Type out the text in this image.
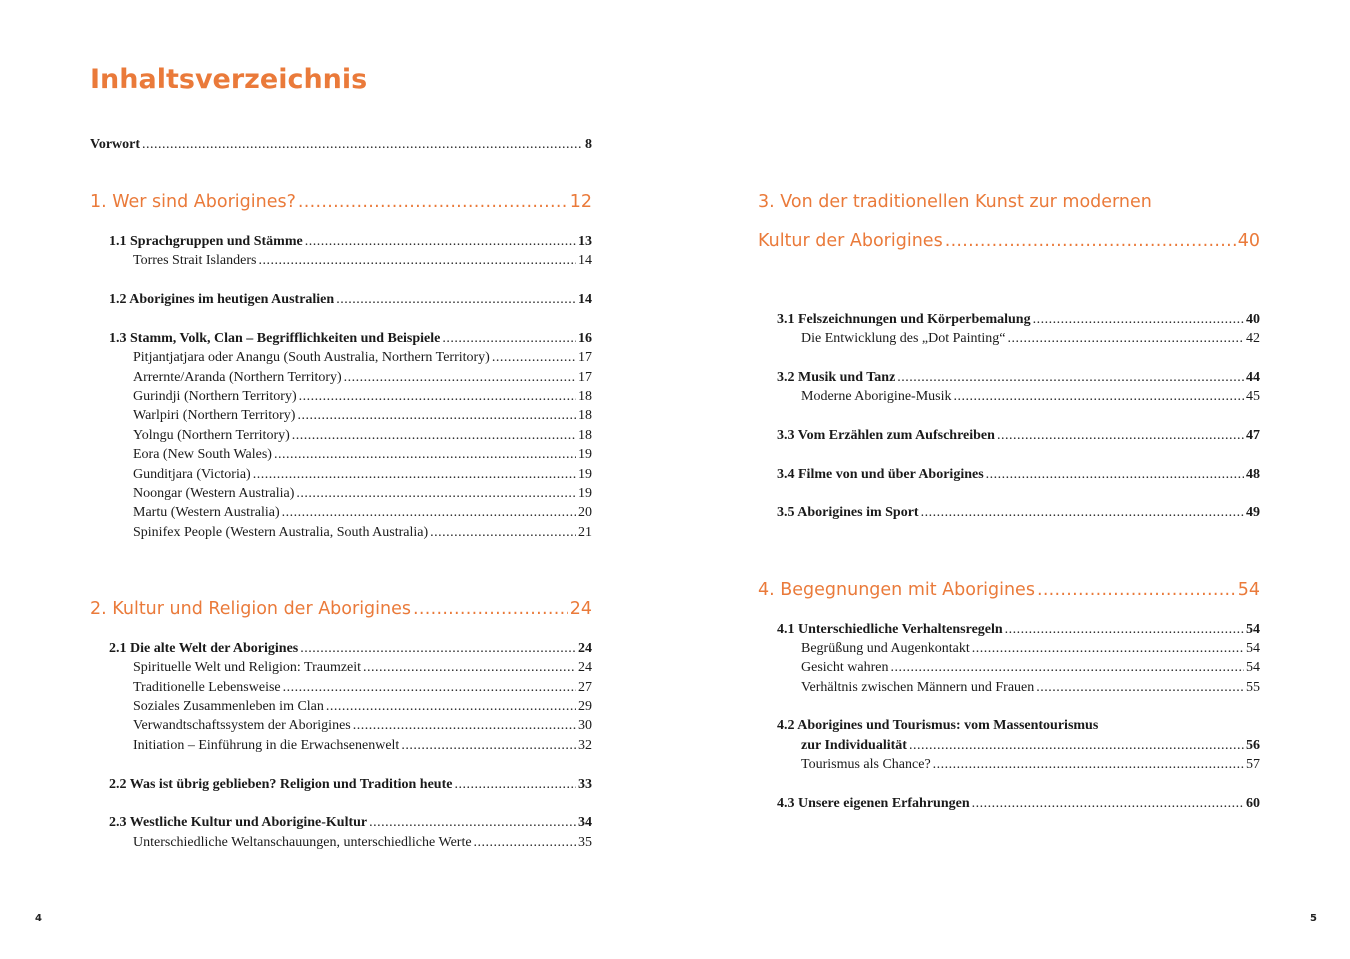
Inhaltsverzeichnis
Vorwort .....	8
1. Wer sind Aborigines? .....	12
1.1 Sprachgruppen und Stämme .....	13
Torres Strait Islanders .....	14
1.2 Aborigines im heutigen Australien .....	14
1.3 Stamm, Volk, Clan – Begrifflichkeiten und Beispiele .....	16
Pitjantjatjara oder Anangu (South Australia, Northern Territory) .....	17
Arrernte/Aranda (Northern Territory) .....	17
Gurindji (Northern Territory) .....	18
Warlpiri (Northern Territory) .....	18
Yolngu (Northern Territory) .....	18
Eora (New South Wales) .....	19
Gunditjara (Victoria) .....	19
Noongar (Western Australia) .....	19
Martu (Western Australia) .....	20
Spinifex People (Western Australia, South Australia) .....	21
2. Kultur und Religion der Aborigines .....	24
2.1 Die alte Welt der Aborigines .....	24
Spirituelle Welt und Religion: Traumzeit .....	24
Traditionelle Lebensweise .....	27
Soziales Zusammenleben im Clan .....	29
Verwandtschaftssystem der Aborigines .....	30
Initiation – Einführung in die Erwachsenenwelt .....	32
2.2 Was ist übrig geblieben? Religion und Tradition heute .....	33
2.3 Westliche Kultur und Aborigine-Kultur .....	34
Unterschiedliche Weltanschauungen, unterschiedliche Werte .....	35
4
3. Von der traditionellen Kunst zur modernen
Kultur der Aborigines .....	40
3.1 Felszeichnungen und Körperbemalung .....	40
Die Entwicklung des „Dot Painting“ .....	42
3.2 Musik und Tanz .....	44
Moderne Aborigine-Musik .....	45
3.3 Vom Erzählen zum Aufschreiben .....	47
3.4 Filme von und über Aborigines .....	48
3.5 Aborigines im Sport .....	49
4. Begegnungen mit Aborigines .....	54
4.1 Unterschiedliche Verhaltensregeln .....	54
Begrüßung und Augenkontakt .....	54
Gesicht wahren .....	54
Verhältnis zwischen Männern und Frauen .....	55
4.2 Aborigines und Tourismus: vom Massentourismus
zur Individualität .....	56
Tourismus als Chance? .....	57
4.3 Unsere eigenen Erfahrungen .....	60
5
